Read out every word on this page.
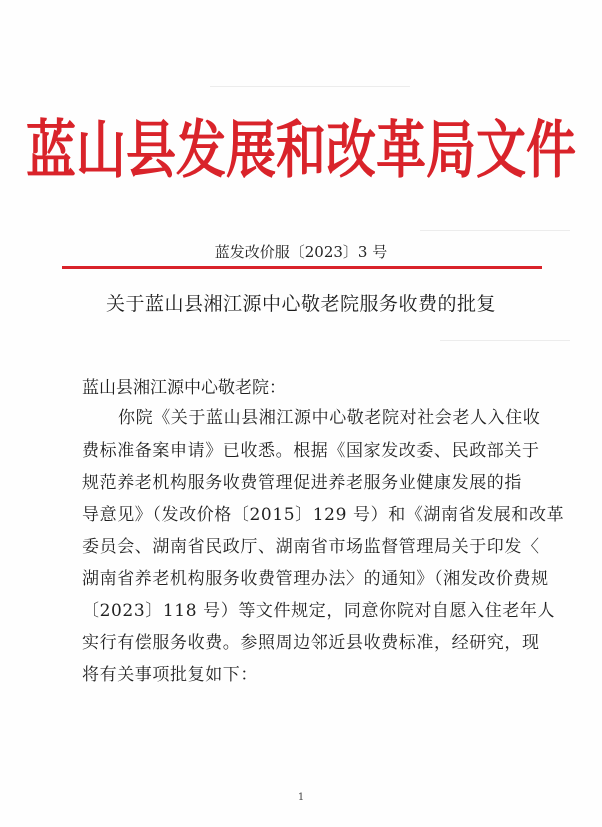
蓝山县发展和改革局文件
蓝发改价服〔2023〕3 号
关于蓝山县湘江源中心敬老院服务收费的批复
蓝山县湘江源中心敬老院：
你院《关于蓝山县湘江源中心敬老院对社会老人入住收
费标准备案申请》已收悉。根据《国家发改委、民政部关于
规范养老机构服务收费管理促进养老服务业健康发展的指
导意见》（发改价格〔2015〕129 号）和《湖南省发展和改革
委员会、湖南省民政厅、湖南省市场监督管理局关于印发〈
湖南省养老机构服务收费管理办法〉的通知》（湘发改价费规
〔2023〕118 号）等文件规定，同意你院对自愿入住老年人
实行有偿服务收费。参照周边邻近县收费标准，经研究，现
将有关事项批复如下：
1
